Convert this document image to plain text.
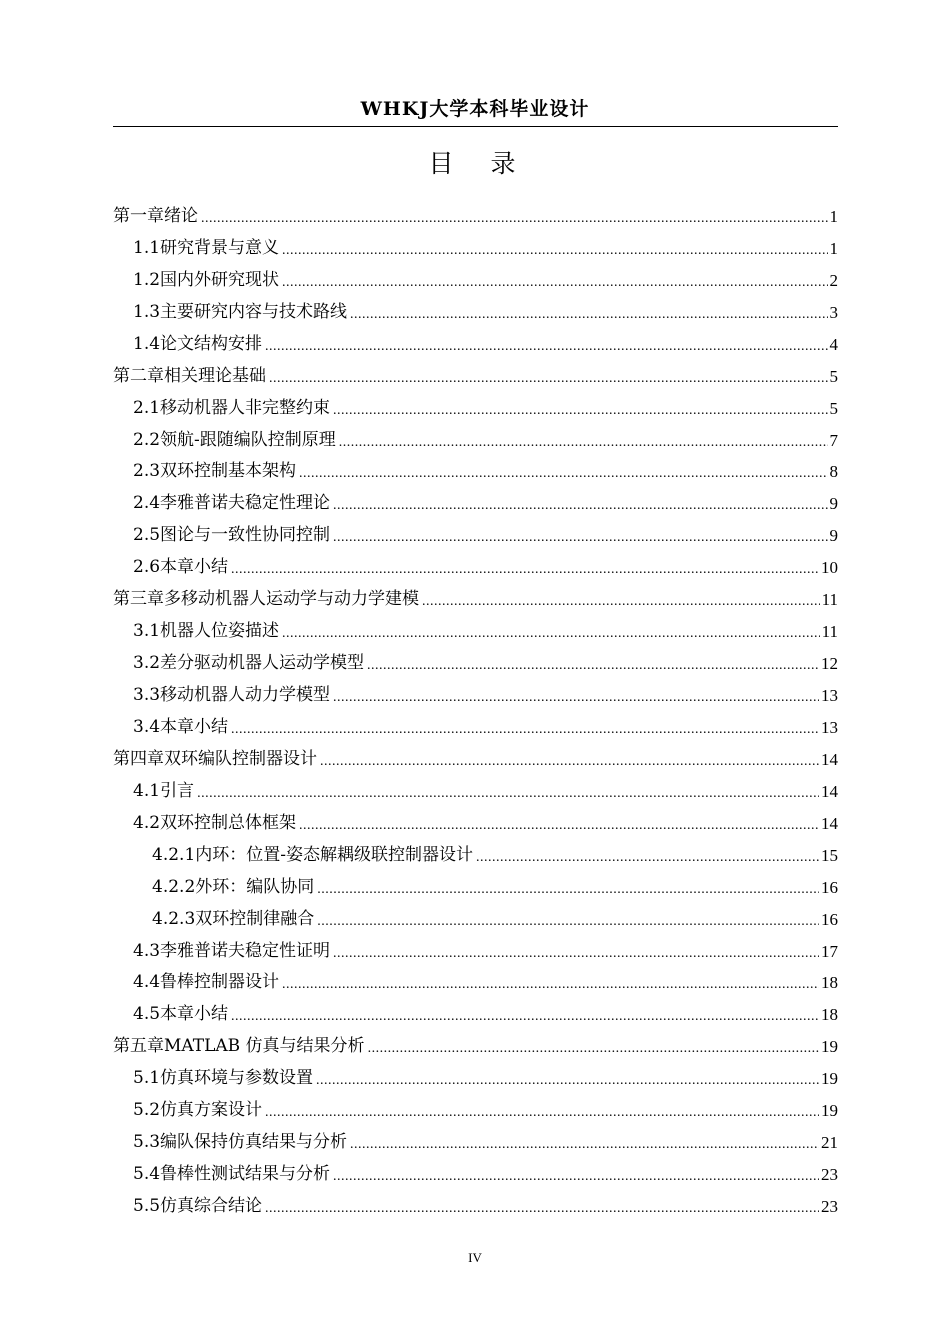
WHKJ大学本科毕业设计
目　录
第一章 绪论 .....	1
1.1 研究背景与意义 .....	1
1.2 国内外研究现状 .....	2
1.3 主要研究内容与技术路线 .....	3
1.4 论文结构安排 .....	4
第二章 相关理论基础 .....	5
2.1 移动机器人非完整约束 .....	5
2.2 领航-跟随编队控制原理 .....	7
2.3 双环控制基本架构 .....	8
2.4 李雅普诺夫稳定性理论 .....	9
2.5 图论与一致性协同控制 .....	9
2.6 本章小结 .....	10
第三章 多移动机器人运动学与动力学建模 .....	11
3.1 机器人位姿描述 .....	11
3.2 差分驱动机器人运动学模型 .....	12
3.3 移动机器人动力学模型 .....	13
3.4 本章小结 .....	13
第四章 双环编队控制器设计 .....	14
4.1 引言 .....	14
4.2 双环控制总体框架 .....	14
4.2.1 内环：位置-姿态解耦级联控制器设计 .....	15
4.2.2 外环：编队协同 .....	16
4.2.3 双环控制律融合 .....	16
4.3 李雅普诺夫稳定性证明 .....	17
4.4 鲁棒控制器设计 .....	18
4.5 本章小结 .....	18
第五章 MATLAB 仿真与结果分析 .....	19
5.1 仿真环境与参数设置 .....	19
5.2 仿真方案设计 .....	19
5.3 编队保持仿真结果与分析 .....	21
5.4 鲁棒性测试结果与分析 .....	23
5.5 仿真综合结论 .....	23
IV
